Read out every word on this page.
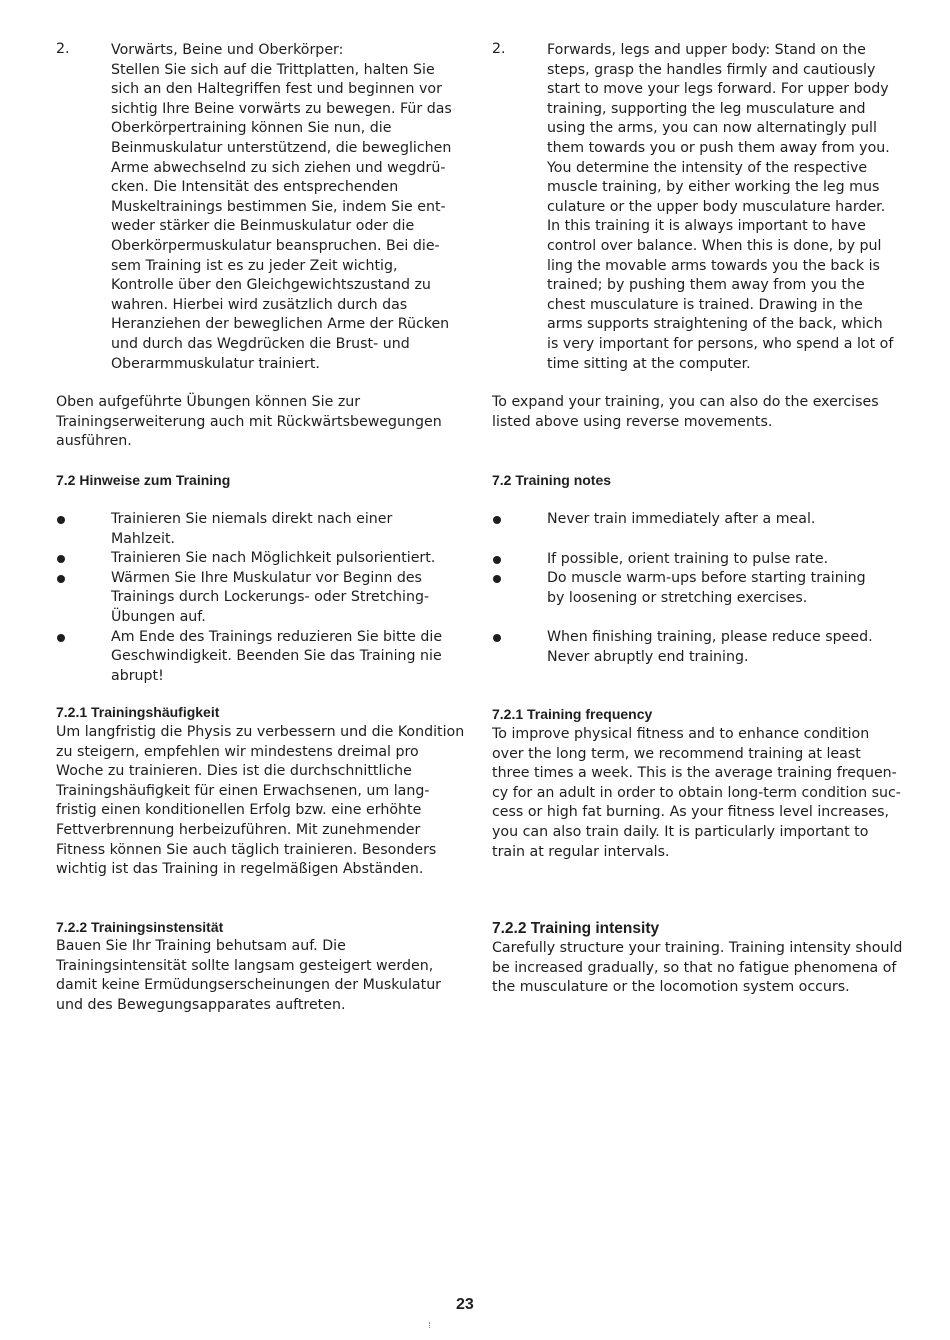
2.	Vorwärts, Beine und Oberkörper:
Stellen Sie sich auf die Trittplatten, halten Sie
sich an den Haltegriffen fest und beginnen vor
sichtig Ihre Beine vorwärts zu bewegen. Für das
Oberkörpertraining können Sie nun, die
Beinmuskulatur unterstützend, die beweglichen
Arme abwechselnd zu sich ziehen und wegdrü-
cken. Die Intensität des entsprechenden
Muskeltrainings bestimmen Sie, indem Sie ent-
weder stärker die Beinmuskulatur oder die
Oberkörpermuskulatur beanspruchen. Bei die-
sem Training ist es zu jeder Zeit wichtig,
Kontrolle über den Gleichgewichtszustand zu
wahren. Hierbei wird zusätzlich durch das
Heranziehen der beweglichen Arme der Rücken
und durch das Wegdrücken die Brust- und
Oberarmmuskulatur trainiert.
Oben aufgeführte Übungen können Sie zur
Trainingserweiterung auch mit Rückwärtsbewegungen
ausführen.
7.2 Hinweise zum Training
Trainieren Sie niemals direkt nach einer
Mahlzeit.
Trainieren Sie nach Möglichkeit pulsorientiert.
Wärmen Sie Ihre Muskulatur vor Beginn des
Trainings durch Lockerungs- oder Stretching-
Übungen auf.
Am Ende des Trainings reduzieren Sie bitte die
Geschwindigkeit. Beenden Sie das Training nie
abrupt!
7.2.1 Trainingshäufigkeit
Um langfristig die Physis zu verbessern und die Kondition
zu steigern, empfehlen wir mindestens dreimal pro
Woche zu trainieren. Dies ist die durchschnittliche
Trainingshäufigkeit für einen Erwachsenen, um lang-
fristig einen konditionellen Erfolg bzw. eine erhöhte
Fettverbrennung herbeizuführen. Mit zunehmender
Fitness können Sie auch täglich trainieren. Besonders
wichtig ist das Training in regelmäßigen Abständen.
7.2.2 Trainingsinstensität
Bauen Sie Ihr Training behutsam auf. Die
Trainingsintensität sollte langsam gesteigert werden,
damit keine Ermüdungserscheinungen der Muskulatur
und des Bewegungsapparates auftreten.
2.	Forwards, legs and upper body: Stand on the
steps, grasp the handles firmly and cautiously
start to move your legs forward. For upper body
training, supporting the leg musculature and
using the arms, you can now alternatingly pull
them towards you or push them away from you.
You determine the intensity of the respective
muscle training, by either working the leg mus
culature or the upper body musculature harder.
In this training it is always important to have
control over balance. When this is done, by pul
ling the movable arms towards you the back is
trained; by pushing them away from you the
chest musculature is trained. Drawing in the
arms supports straightening of the back, which
is very important for persons, who spend a lot of
time sitting at the computer.
To expand your training, you can also do the exercises
listed above using reverse movements.
7.2 Training notes
Never train immediately after a meal.
If possible, orient training to pulse rate.
Do muscle warm-ups before starting training
by loosening or stretching exercises.
When finishing training, please reduce speed.
Never abruptly end training.
7.2.1 Training frequency
To improve physical fitness and to enhance condition
over the long term, we recommend training at least
three times a week. This is the average training frequen-
cy for an adult in order to obtain long-term condition suc-
cess or high fat burning. As your fitness level increases,
you can also train daily. It is particularly important to
train at regular intervals.
7.2.2 Training intensity
Carefully structure your training. Training intensity should
be increased gradually, so that no fatigue phenomena of
the musculature or the locomotion system occurs.
23
